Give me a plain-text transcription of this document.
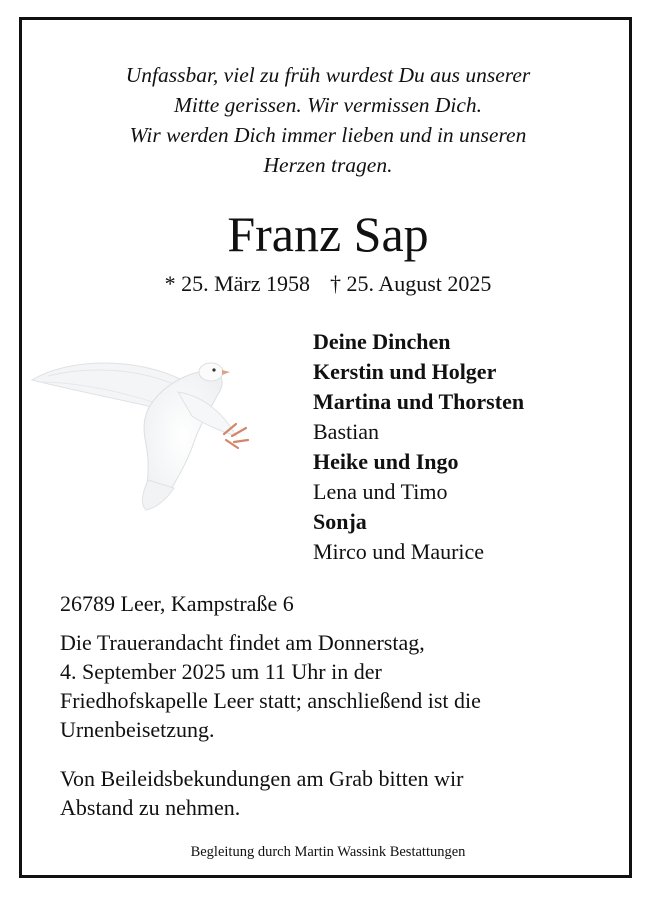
Unfassbar, viel zu früh wurdest Du aus unserer
Mitte gerissen. Wir vermissen Dich.
Wir werden Dich immer lieben und in unseren
Herzen tragen.
Franz Sap
* 25. März 1958 † 25. August 2025
Deine Dinchen
Kerstin und Holger
Martina und Thorsten
Bastian
Heike und Ingo
Lena und Timo
Sonja
Mirco und Maurice
26789 Leer, Kampstraße 6
Die Trauerandacht findet am Donnerstag,
4. September 2025 um 11 Uhr in der
Friedhofskapelle Leer statt; anschließend ist die
Urnenbeisetzung.
Von Beileidsbekundungen am Grab bitten wir
Abstand zu nehmen.
Begleitung durch Martin Wassink Bestattungen
